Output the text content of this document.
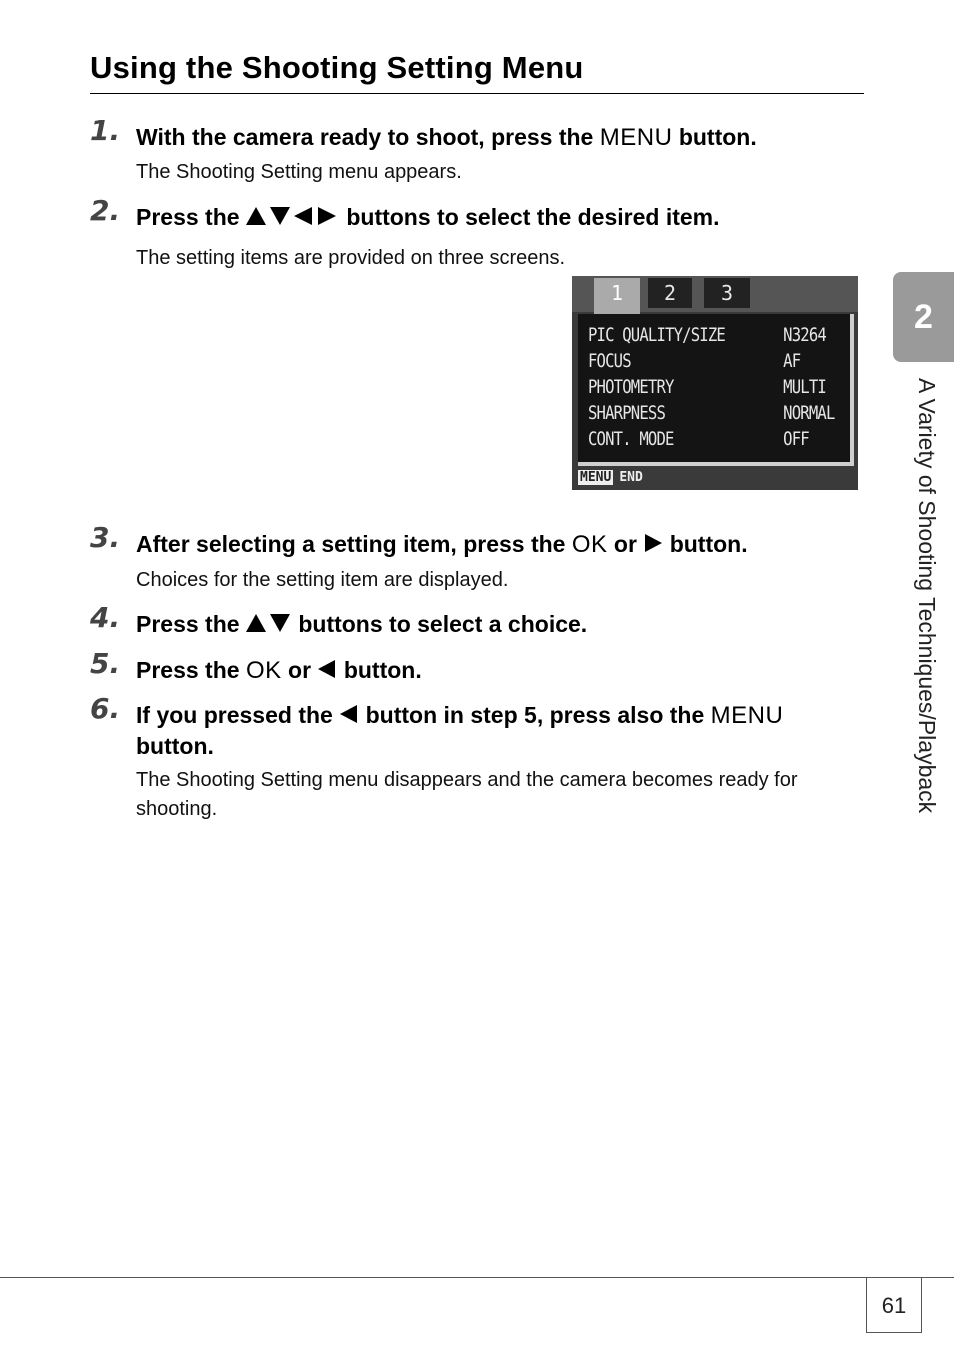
Using the Shooting Setting Menu
1. With the camera ready to shoot, press the MENU button.
The Shooting Setting menu appears.
2. Press the	buttons to select the desired item.
The setting items are provided on three screens.
1	2	3
PIC QUALITY/SIZE	N3264
FOCUS	AF
PHOTOMETRY	MULTI
SHARPNESS	NORMAL
CONT. MODE	OFF
MENU END
3. After selecting a setting item, press the OK or button.
Choices for the setting item are displayed.
4. Press the	buttons to select a choice.
5. Press the OK or button.
6. If you pressed the button in step 5, press also the MENU
button.
The Shooting Setting menu disappears and the camera becomes ready for shooting.
2
A Variety of Shooting Techniques/Playback
61
